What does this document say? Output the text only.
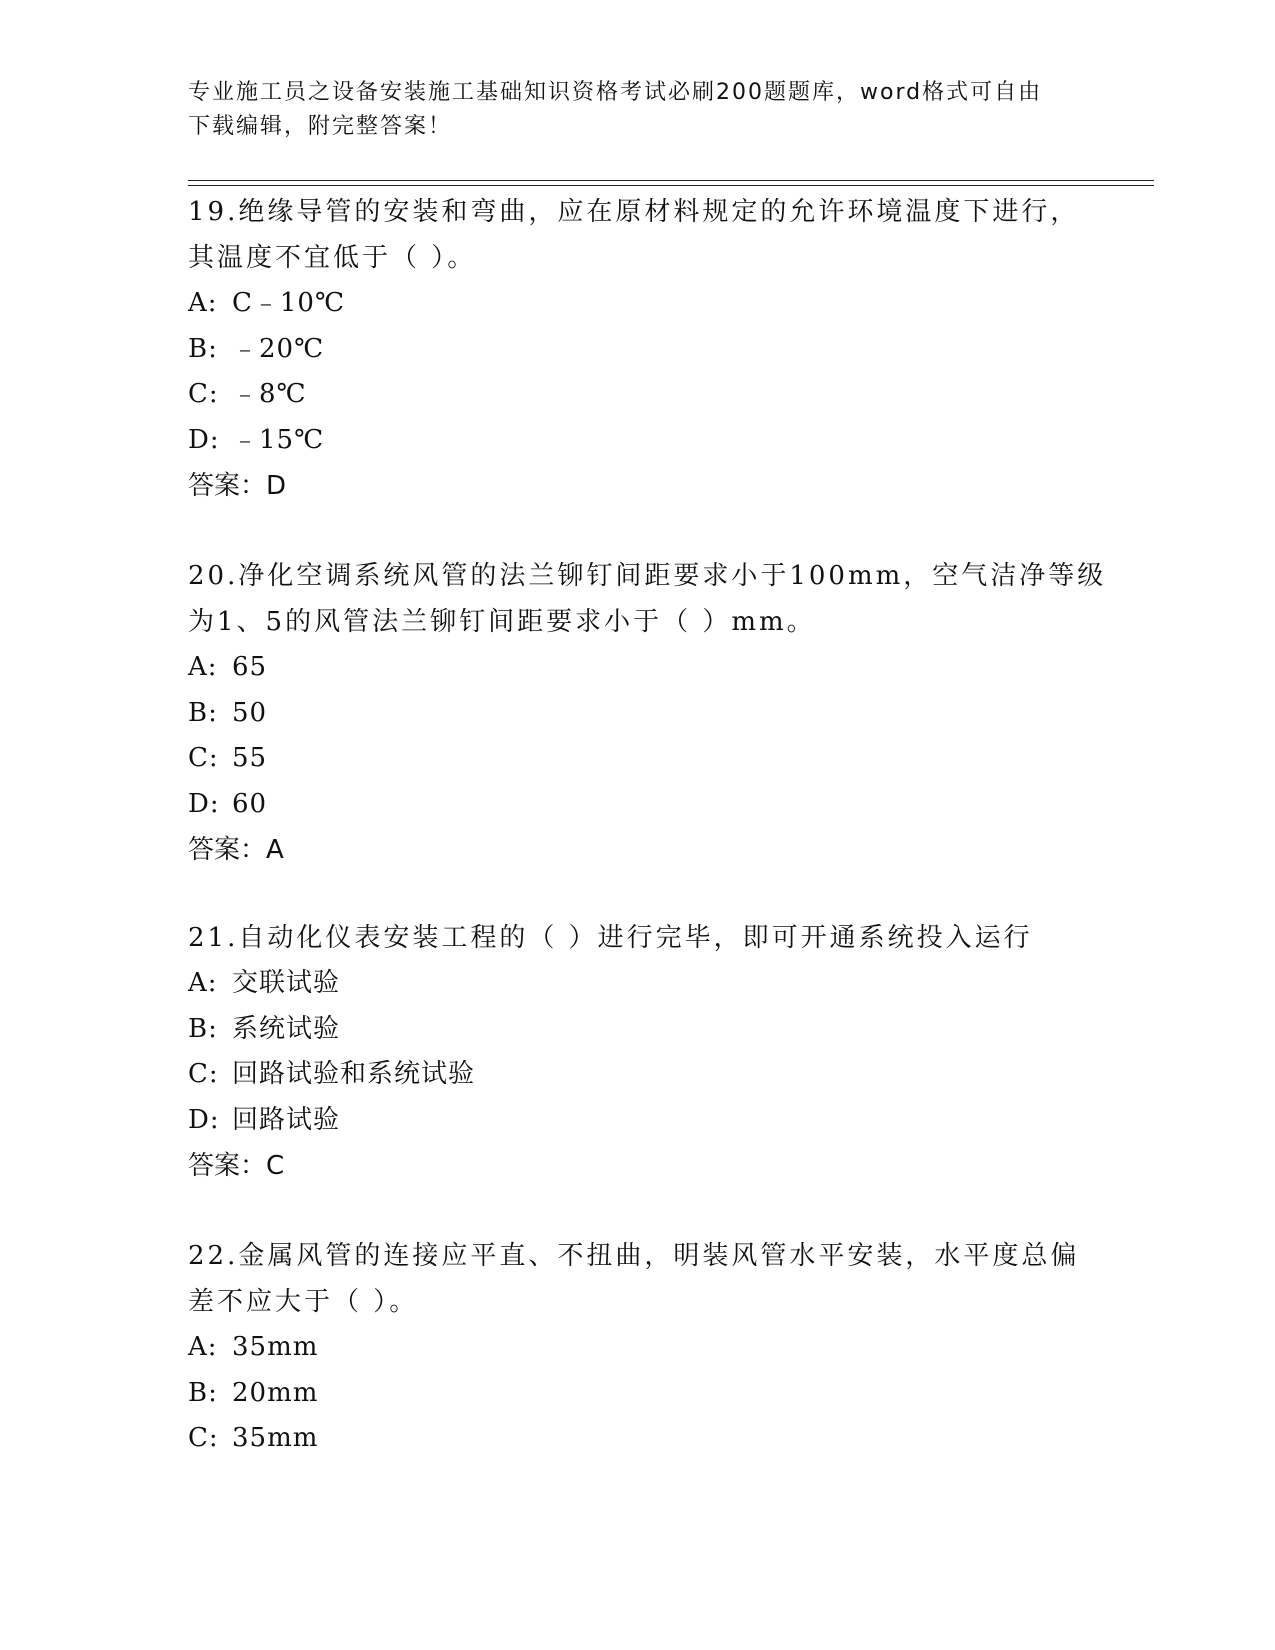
专业施工员之设备安装施工基础知识资格考试必刷200题题库，word格式可自由
下载编辑，附完整答案！

19.绝缘导管的安装和弯曲，应在原材料规定的允许环境温度下进行，

其温度不宜低于（ ）。

A: C﹣10℃

B: ﹣20℃

C: ﹣8℃

D: ﹣15℃

答案：D

20.净化空调系统风管的法兰铆钉间距要求小于100mm，空气洁净等级

为1、5的风管法兰铆钉间距要求小于（ ）mm。

A: 65

B: 50

C: 55

D: 60

答案：A

21.自动化仪表安装工程的（ ）进行完毕，即可开通系统投入运行

A: 交联试验

B: 系统试验

C: 回路试验和系统试验

D: 回路试验

答案：C

22.金属风管的连接应平直、不扭曲，明装风管水平安装，水平度总偏

差不应大于（ ）。

A: 35mm

B: 20mm

C: 35mm
